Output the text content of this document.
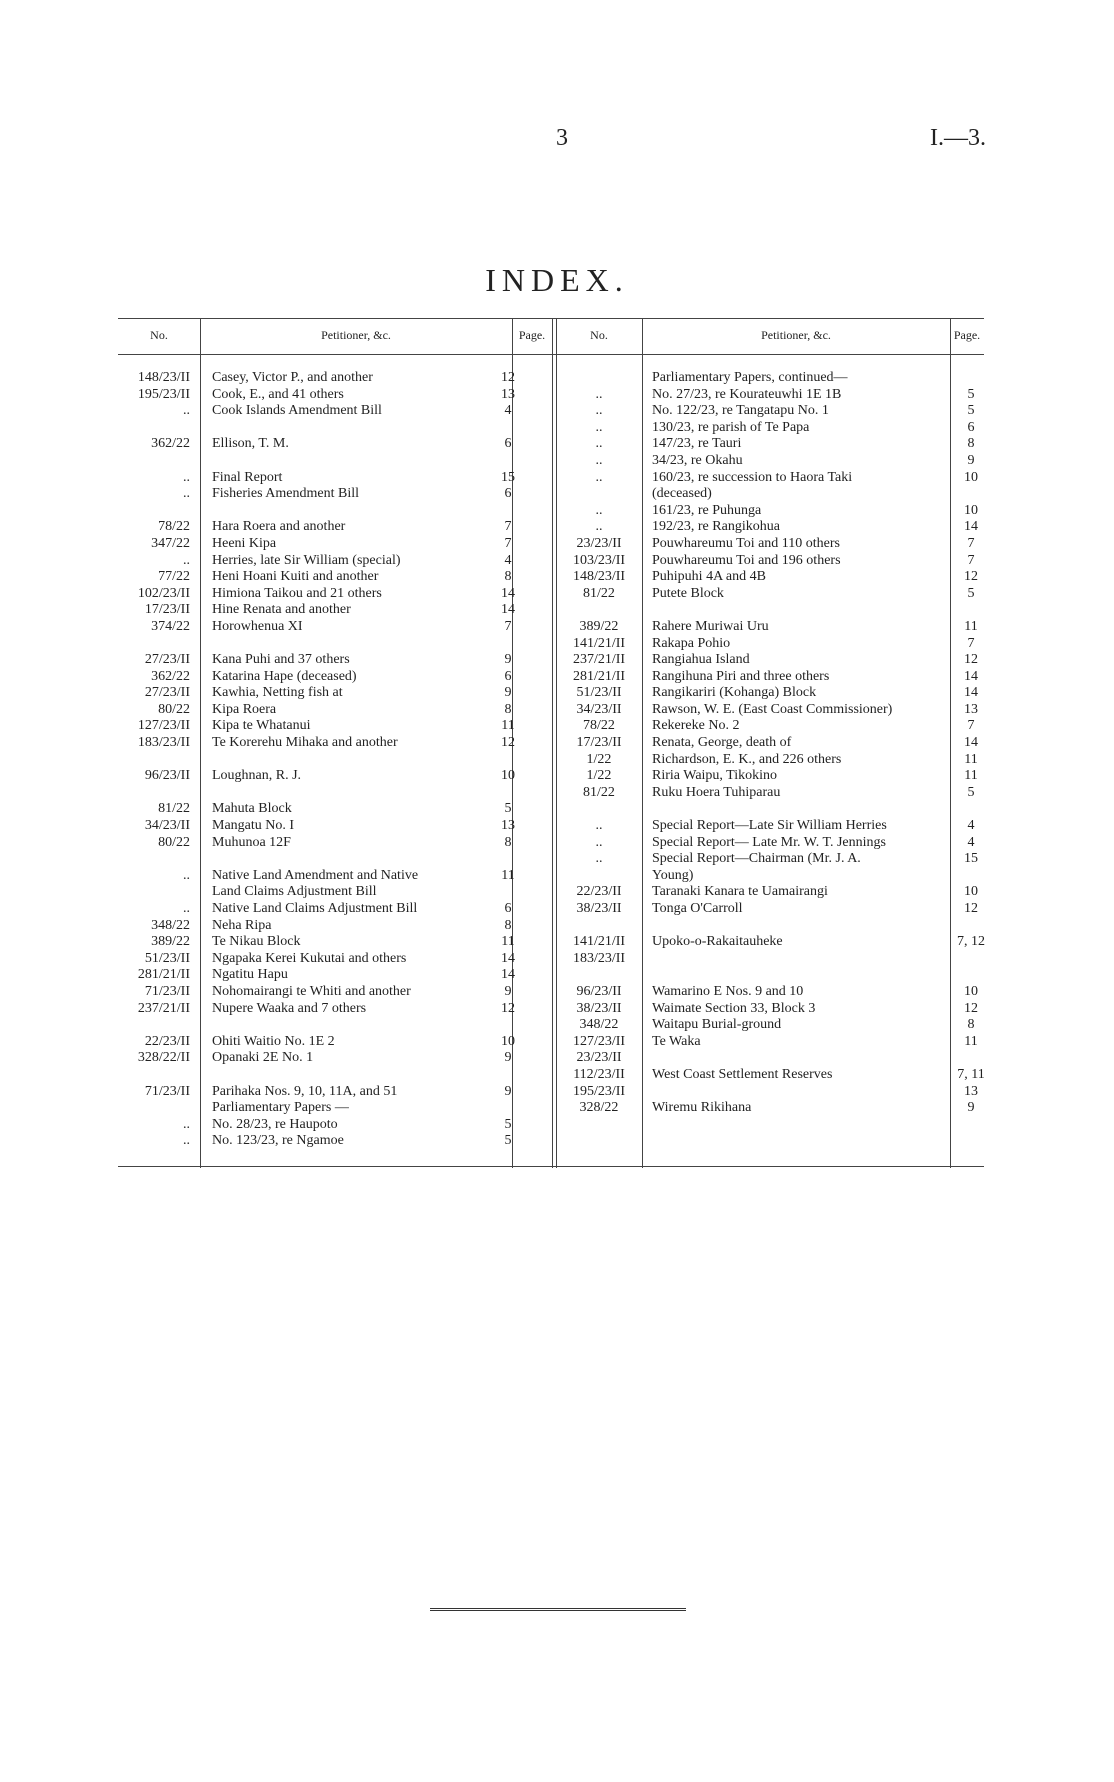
3	I.—3.
INDEX.
No.	Petitioner, &c.	Page.	No.	Petitioner, &c.	Page.
148/23/II	Casey, Victor P., and another	12
195/23/II	Cook, E., and 41 others	13
..	Cook Islands Amendment Bill	4
362/22	Ellison, T. M.	6
..	Final Report	15
..	Fisheries Amendment Bill	6
78/22	Hara Roera and another	7
347/22	Heeni Kipa	7
..	Herries, late Sir William (special)	4
77/22	Heni Hoani Kuiti and another	8
102/23/II	Himiona Taikou and 21 others	14
17/23/II	Hine Renata and another	14
374/22	Horowhenua XI	7
27/23/II	Kana Puhi and 37 others	9
362/22	Katarina Hape (deceased)	6
27/23/II	Kawhia, Netting fish at	9
80/22	Kipa Roera	8
127/23/II	Kipa te Whatanui	11
183/23/II	Te Korerehu Mihaka and another	12
96/23/II	Loughnan, R. J.	10
81/22	Mahuta Block	5
34/23/II	Mangatu No. I	13
80/22	Muhunoa 12F	8
..	Native Land Amendment and Native	11
Land Claims Adjustment Bill
..	Native Land Claims Adjustment Bill	6
348/22	Neha Ripa	8
389/22	Te Nikau Block	11
51/23/II	Ngapaka Kerei Kukutai and others	14
281/21/II	Ngatitu Hapu	14
71/23/II	Nohomairangi te Whiti and another	9
237/21/II	Nupere Waaka and 7 others	12
22/23/II	Ohiti Waitio No. 1E 2	10
328/22/II	Opanaki 2E No. 1	9
71/23/II	Parihaka Nos. 9, 10, 11A, and 51	9
Parliamentary Papers —
..	No. 28/23, re Haupoto	5
..	No. 123/23, re Ngamoe	5
Parliamentary Papers, continued—
..	No. 27/23, re Kourateuwhi 1E 1B	5
..	No. 122/23, re Tangatapu No. 1	5
..	130/23, re parish of Te Papa	6
..	147/23, re Tauri	8
..	34/23, re Okahu	9
..	160/23, re succession to Haora Taki	10
(deceased)
..	161/23, re Puhunga	10
..	192/23, re Rangikohua	14
23/23/II	Pouwhareumu Toi and 110 others	7
103/23/II	Pouwhareumu Toi and 196 others	7
148/23/II	Puhipuhi 4A and 4B	12
81/22	Putete Block	5
389/22	Rahere Muriwai Uru	11
141/21/II	Rakapa Pohio	7
237/21/II	Rangiahua Island	12
281/21/II	Rangihuna Piri and three others	14
51/23/II	Rangikariri (Kohanga) Block	14
34/23/II	Rawson, W. E. (East Coast Commissioner)	13
78/22	Rekereke No. 2	7
17/23/II	Renata, George, death of	14
1/22	Richardson, E. K., and 226 others	11
1/22	Riria Waipu, Tikokino	11
81/22	Ruku Hoera Tuhiparau	5
..	Special Report—Late Sir William Herries	4
..	Special Report— Late Mr. W. T. Jennings	4
..	Special Report—Chairman (Mr. J. A.	15
Young)
22/23/II	Taranaki Kanara te Uamairangi	10
38/23/II	Tonga O'Carroll	12
141/21/II	Upoko-o-Rakaitauheke	7, 12
183/23/II
96/23/II	Wamarino E Nos. 9 and 10	10
38/23/II	Waimate Section 33, Block 3	12
348/22	Waitapu Burial-ground	8
127/23/II	Te Waka	11
23/23/II
112/23/II	West Coast Settlement Reserves	7, 11
195/23/II	13
328/22	Wiremu Rikihana	9
